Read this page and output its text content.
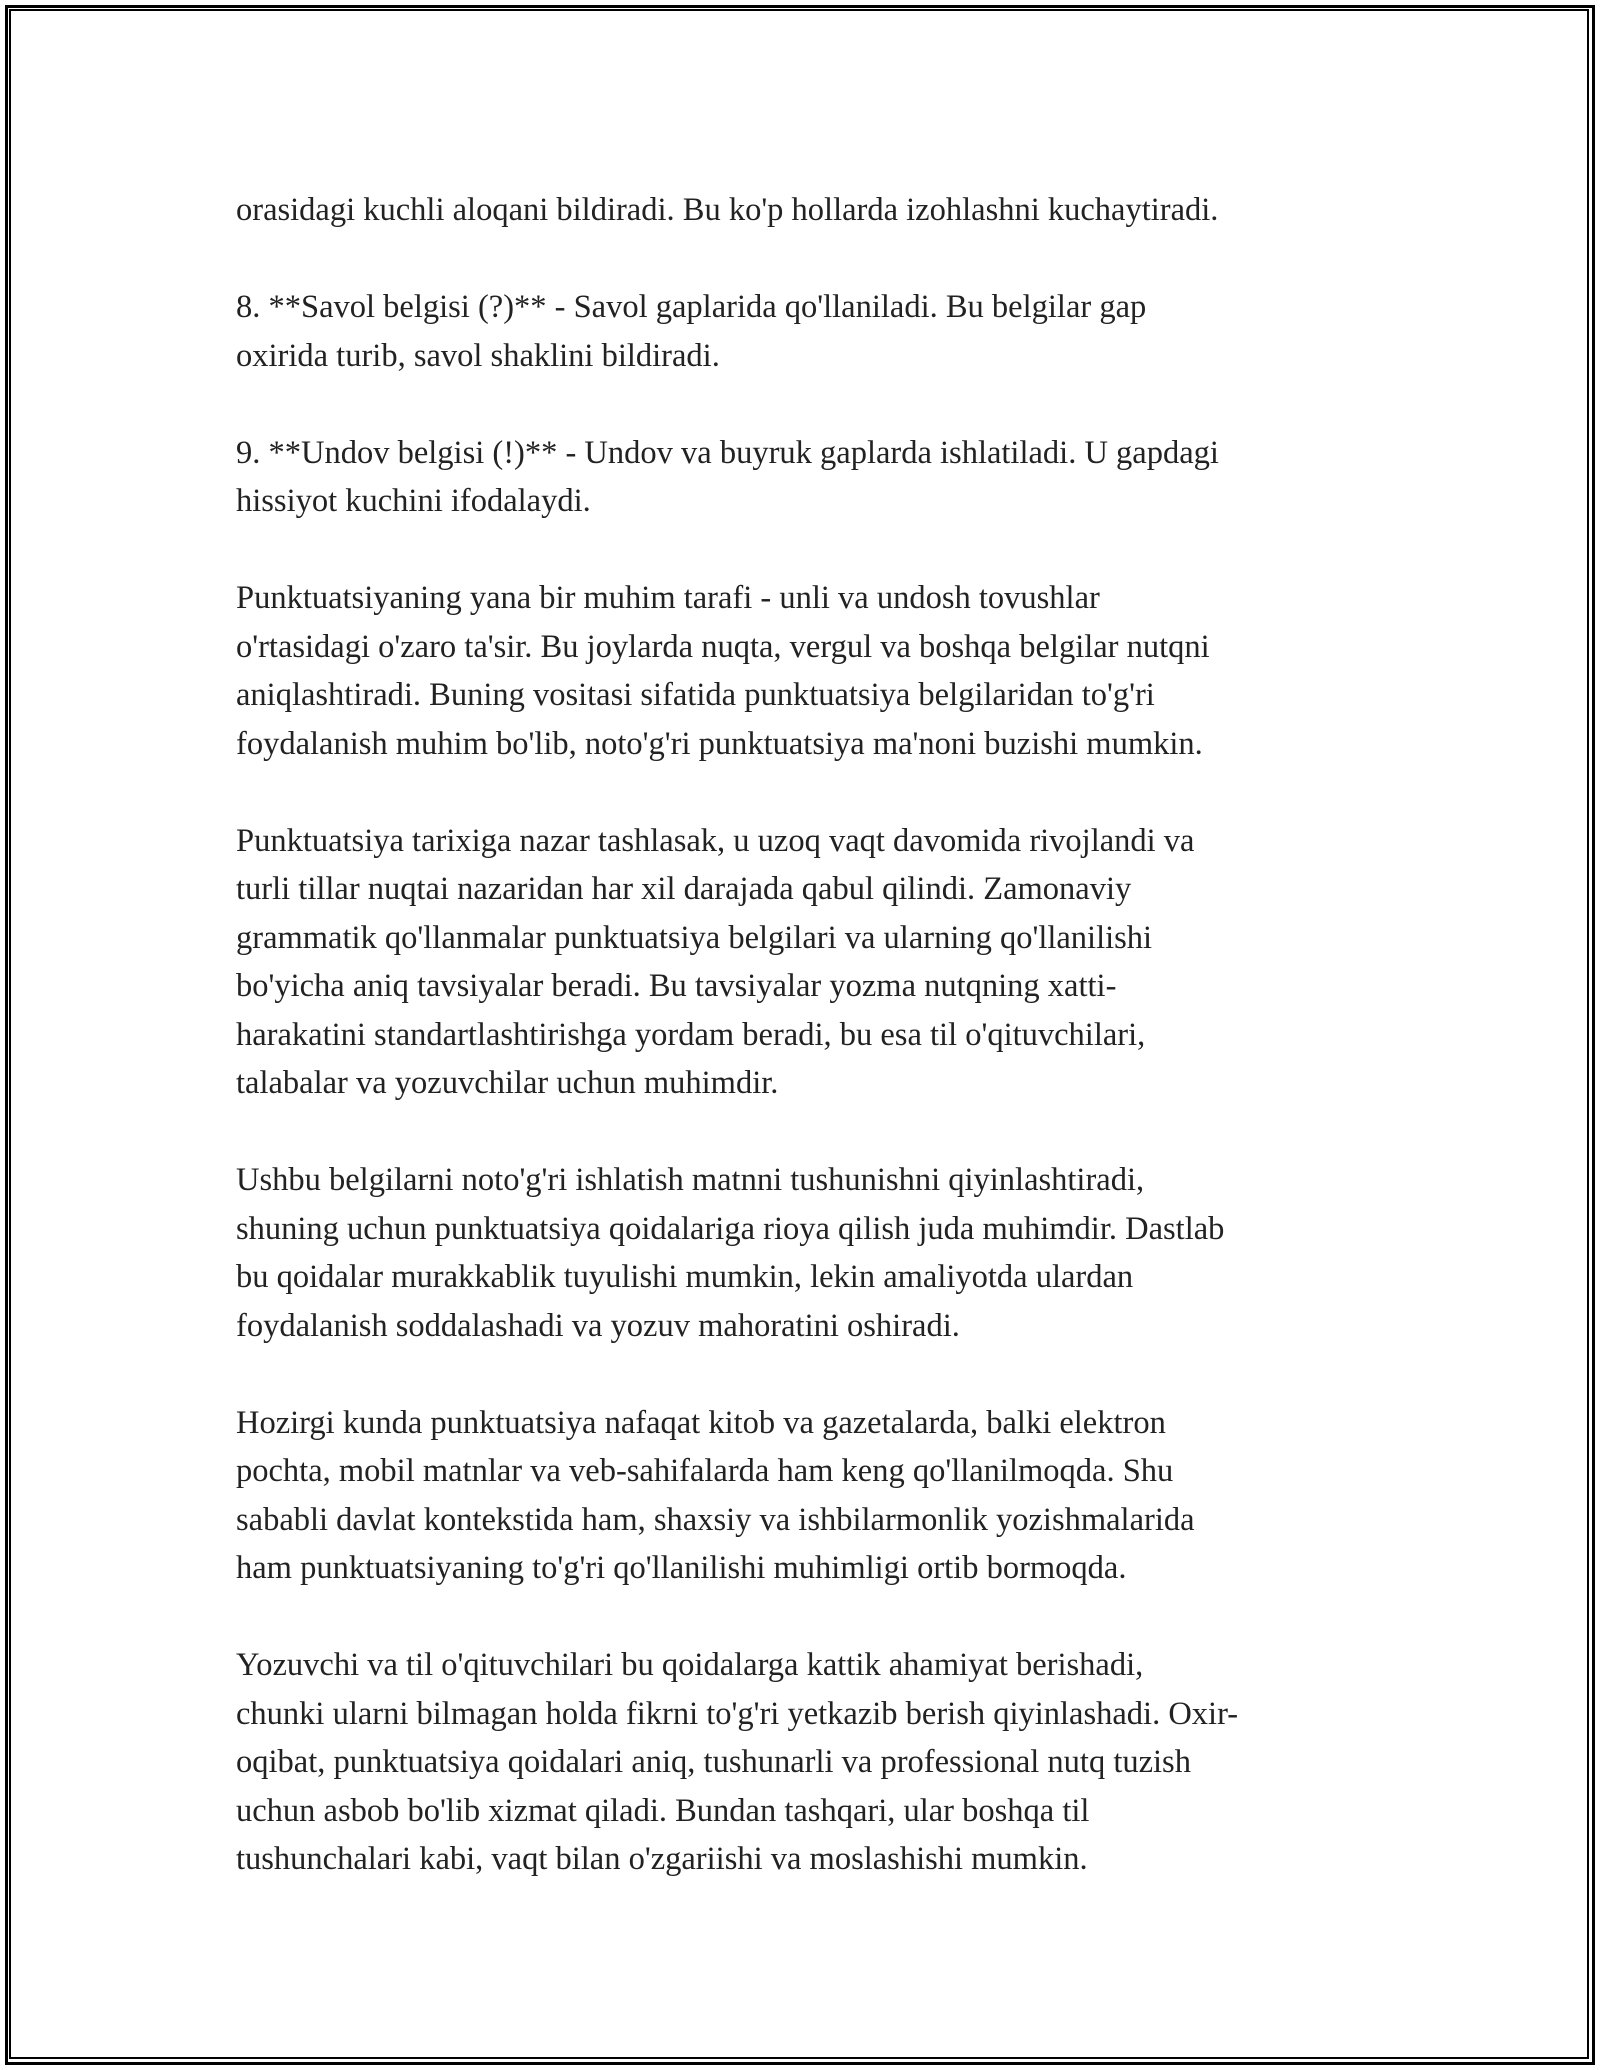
orasidagi kuchli aloqani bildiradi. Bu ko'p hollarda izohlashni kuchaytiradi.

8. **Savol belgisi (?)** - Savol gaplarida qo'llaniladi. Bu belgilar gap
oxirida turib, savol shaklini bildiradi.

9. **Undov belgisi (!)** - Undov va buyruk gaplarda ishlatiladi. U gapdagi
hissiyot kuchini ifodalaydi.

Punktuatsiyaning yana bir muhim tarafi - unli va undosh tovushlar
o'rtasidagi o'zaro ta'sir. Bu joylarda nuqta, vergul va boshqa belgilar nutqni
aniqlashtiradi. Buning vositasi sifatida punktuatsiya belgilaridan to'g'ri
foydalanish muhim bo'lib, noto'g'ri punktuatsiya ma'noni buzishi mumkin.

Punktuatsiya tarixiga nazar tashlasak, u uzoq vaqt davomida rivojlandi va
turli tillar nuqtai nazaridan har xil darajada qabul qilindi. Zamonaviy
grammatik qo'llanmalar punktuatsiya belgilari va ularning qo'llanilishi
bo'yicha aniq tavsiyalar beradi. Bu tavsiyalar yozma nutqning xatti-
harakatini standartlashtirishga yordam beradi, bu esa til o'qituvchilari,
talabalar va yozuvchilar uchun muhimdir.

Ushbu belgilarni noto'g'ri ishlatish matnni tushunishni qiyinlashtiradi,
shuning uchun punktuatsiya qoidalariga rioya qilish juda muhimdir. Dastlab
bu qoidalar murakkablik tuyulishi mumkin, lekin amaliyotda ulardan
foydalanish soddalashadi va yozuv mahoratini oshiradi.

Hozirgi kunda punktuatsiya nafaqat kitob va gazetalarda, balki elektron
pochta, mobil matnlar va veb-sahifalarda ham keng qo'llanilmoqda. Shu
sababli davlat kontekstida ham, shaxsiy va ishbilarmonlik yozishmalarida
ham punktuatsiyaning to'g'ri qo'llanilishi muhimligi ortib bormoqda.

Yozuvchi va til o'qituvchilari bu qoidalarga kattik ahamiyat berishadi,
chunki ularni bilmagan holda fikrni to'g'ri yetkazib berish qiyinlashadi. Oxir-
oqibat, punktuatsiya qoidalari aniq, tushunarli va professional nutq tuzish
uchun asbob bo'lib xizmat qiladi. Bundan tashqari, ular boshqa til
tushunchalari kabi, vaqt bilan o'zgariishi va moslashishi mumkin.
